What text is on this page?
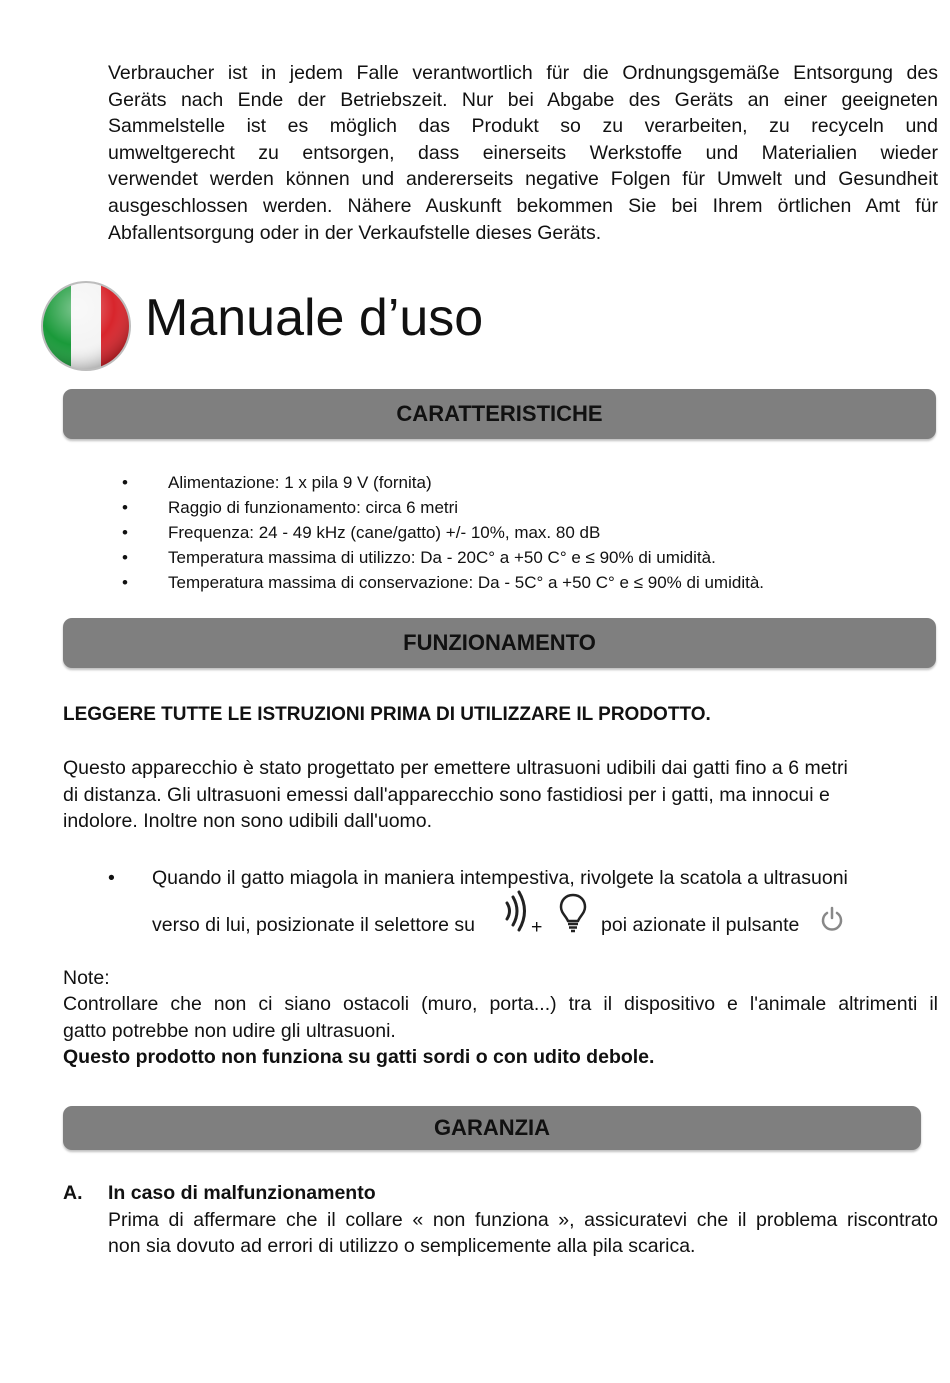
Verbraucher ist in jedem Falle verantwortlich für die Ordnungsgemäße Entsorgung des
Geräts nach Ende der Betriebszeit. Nur bei Abgabe des Geräts an einer geeigneten
Sammelstelle ist es möglich das Produkt so zu verarbeiten, zu recyceln und
umweltgerecht zu entsorgen, dass einerseits Werkstoffe und Materialien wieder
verwendet werden können und andererseits negative Folgen für Umwelt und Gesundheit
ausgeschlossen werden. Nähere Auskunft bekommen Sie bei Ihrem örtlichen Amt für
Abfallentsorgung oder in der Verkaufstelle dieses Geräts.
Manuale d’uso
CARATTERISTICHE
• Alimentazione: 1 x pila 9 V (fornita)
• Raggio di funzionamento: circa 6 metri
• Frequenza: 24 - 49 kHz (cane/gatto) +/- 10%, max. 80 dB
• Temperatura massima di utilizzo: Da - 20C° a +50 C° e ≤ 90% di umidità.
• Temperatura massima di conservazione: Da - 5C° a +50 C° e ≤ 90% di umidità.
FUNZIONAMENTO
LEGGERE TUTTE LE ISTRUZIONI PRIMA DI UTILIZZARE IL PRODOTTO.
Questo apparecchio è stato progettato per emettere ultrasuoni udibili dai gatti fino a 6 metri
di distanza. Gli ultrasuoni emessi dall'apparecchio sono fastidiosi per i gatti, ma innocui e
indolore. Inoltre non sono udibili dall'uomo.
• Quando il gatto miagola in maniera intempestiva, rivolgete la scatola a ultrasuoni
verso di lui, posizionate il selettore su	+	poi azionate il pulsante
Note:
Controllare che non ci siano ostacoli (muro, porta...) tra il dispositivo e l'animale altrimenti il
gatto potrebbe non udire gli ultrasuoni.
Questo prodotto non funziona su gatti sordi o con udito debole.
GARANZIA
A. In caso di malfunzionamento
Prima di affermare che il collare « non funziona », assicuratevi che il problema riscontrato
non sia dovuto ad errori di utilizzo o semplicemente alla pila scarica.
